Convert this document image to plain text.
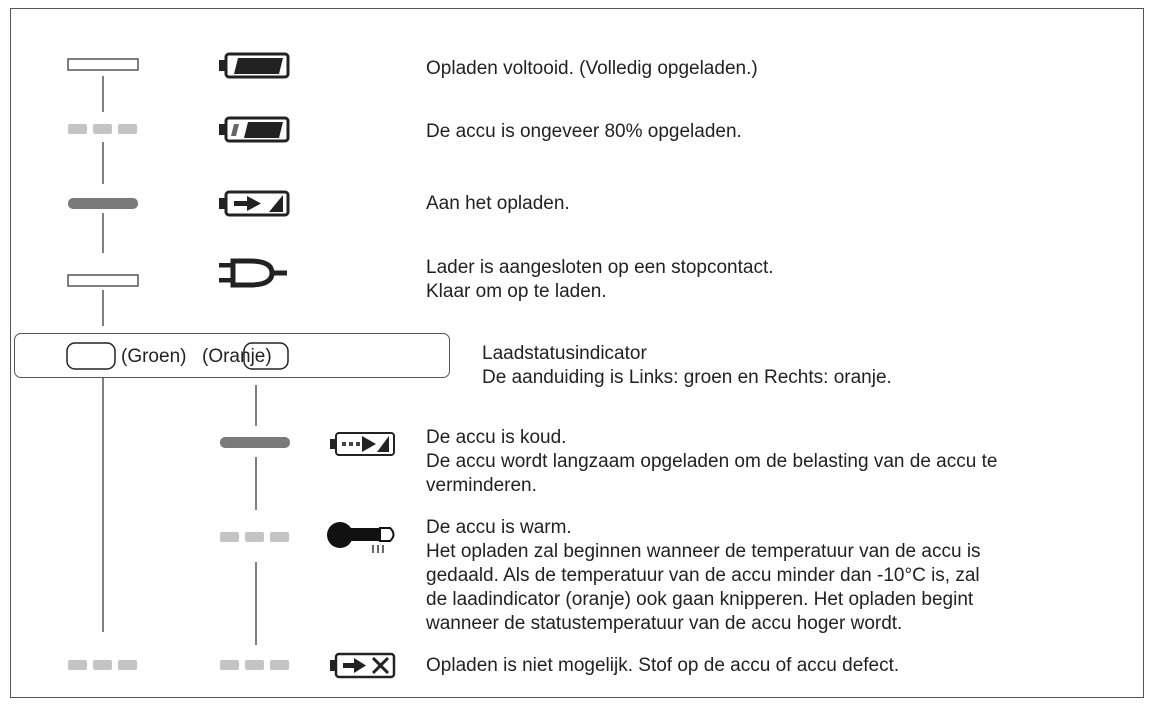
(Groen) (Oranje)	Laadstatusindicator
De aanduiding is Links: groen en Rechts: oranje.
Opladen voltooid. (Volledig opgeladen.)
De accu is ongeveer 80% opgeladen.
Aan het opladen.
Lader is aangesloten op een stopcontact.
Klaar om op te laden.
De accu is koud.
De accu wordt langzaam opgeladen om de belasting van de accu te
verminderen.
De accu is warm.
Het opladen zal beginnen wanneer de temperatuur van de accu is
gedaald. Als de temperatuur van de accu minder dan -10°C is, zal
de laadindicator (oranje) ook gaan knipperen. Het opladen begint
wanneer de statustemperatuur van de accu hoger wordt.
Opladen is niet mogelijk. Stof op de accu of accu defect.
